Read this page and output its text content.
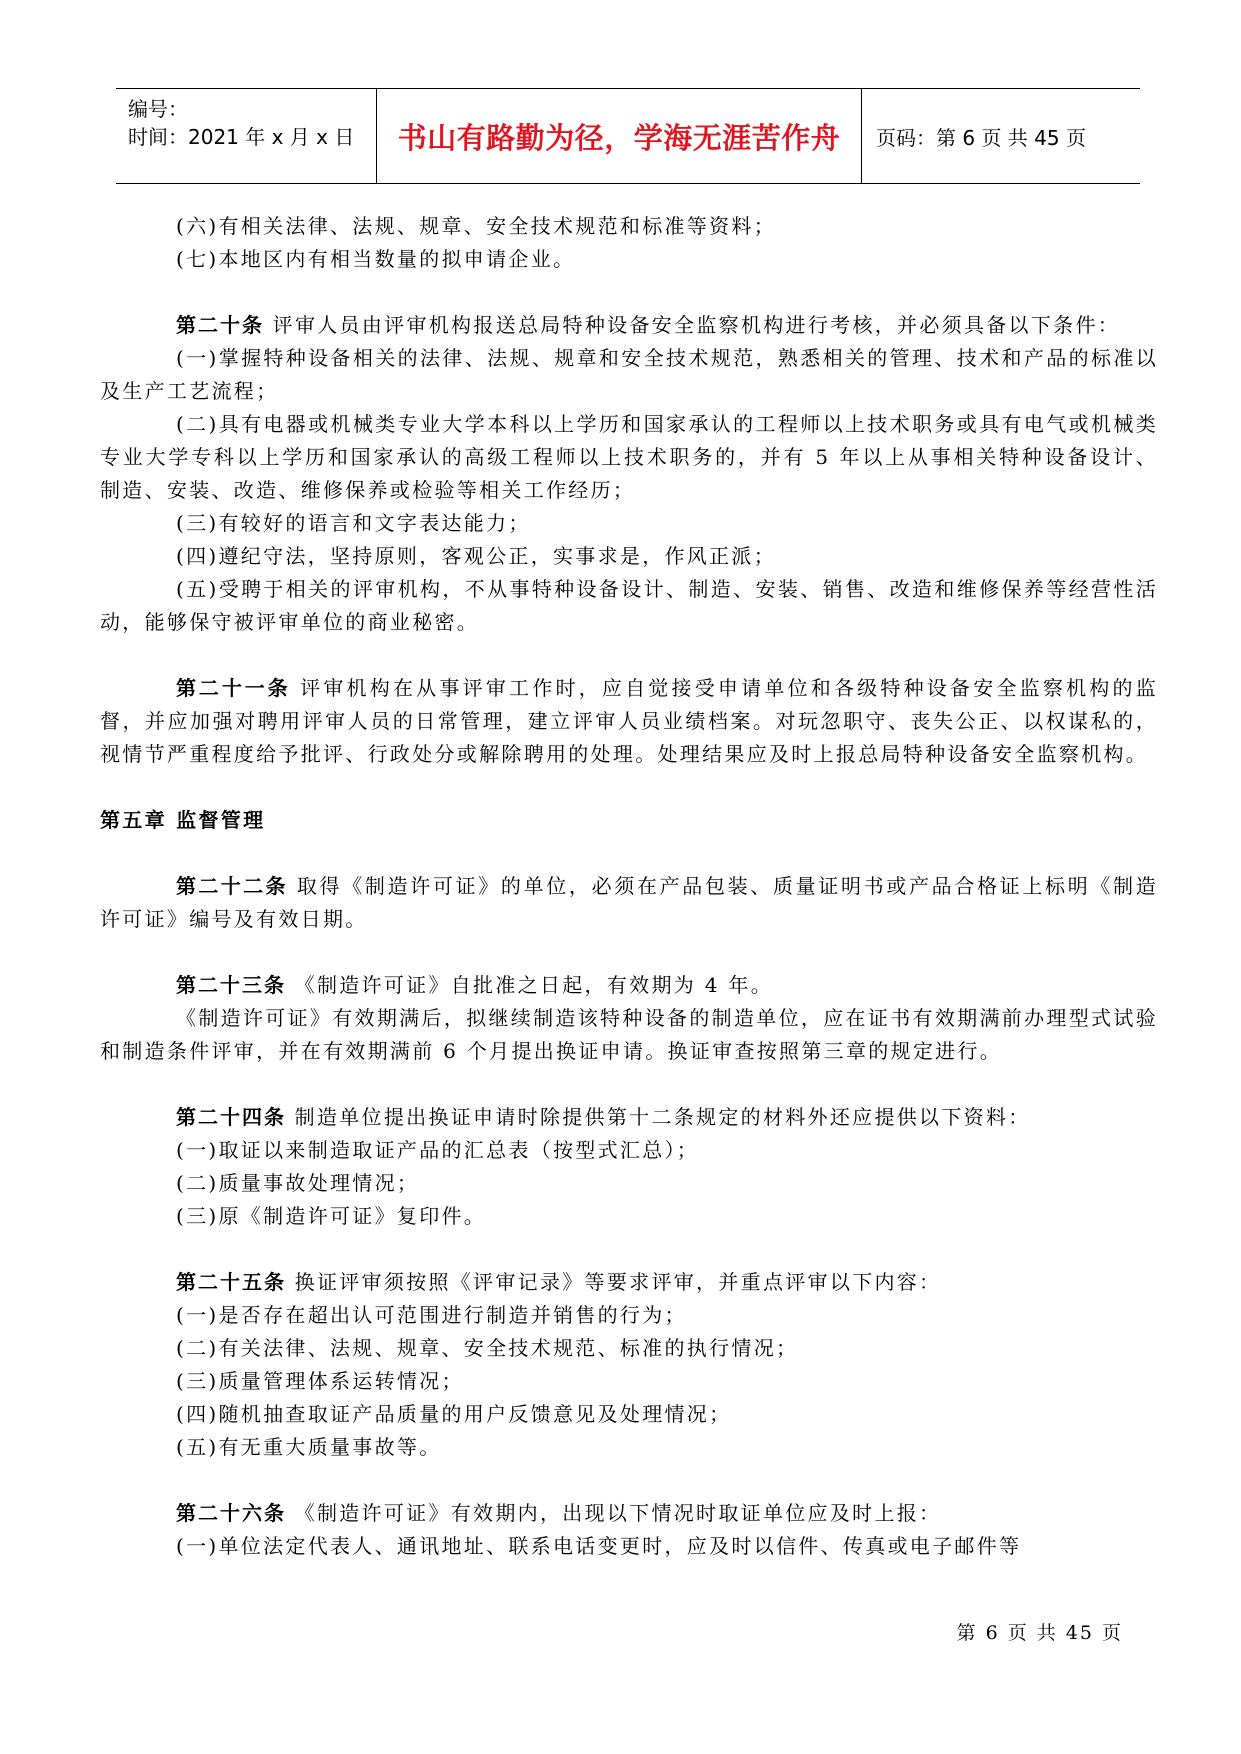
编号：
时间：2021 年 x 月 x 日 书山有路勤为径，学海无涯苦作舟 页码：第 6 页 共 45 页

(六)有相关法律、法规、规章、安全技术规范和标准等资料；

(七)本地区内有相当数量的拟申请企业。

第二十条 评审人员由评审机构报送总局特种设备安全监察机构进行考核，并必须具备以下条件：

(一)掌握特种设备相关的法律、法规、规章和安全技术规范，熟悉相关的管理、技术和产品的标准以及生产工艺流程；

(二)具有电器或机械类专业大学本科以上学历和国家承认的工程师以上技术职务或具有电气或机械类专业大学专科以上学历和国家承认的高级工程师以上技术职务的，并有 5 年以上从事相关特种设备设计、制造、安装、改造、维修保养或检验等相关工作经历；

(三)有较好的语言和文字表达能力；

(四)遵纪守法，坚持原则，客观公正，实事求是，作风正派；

(五)受聘于相关的评审机构，不从事特种设备设计、制造、安装、销售、改造和维修保养等经营性活动，能够保守被评审单位的商业秘密。

第二十一条 评审机构在从事评审工作时，应自觉接受申请单位和各级特种设备安全监察机构的监督，并应加强对聘用评审人员的日常管理，建立评审人员业绩档案。对玩忽职守、丧失公正、以权谋私的，视情节严重程度给予批评、行政处分或解除聘用的处理。处理结果应及时上报总局特种设备安全监察机构。

第五章 监督管理

第二十二条 取得《制造许可证》的单位，必须在产品包装、质量证明书或产品合格证上标明《制造许可证》编号及有效日期。

第二十三条 《制造许可证》自批准之日起，有效期为 4 年。

《制造许可证》有效期满后，拟继续制造该特种设备的制造单位，应在证书有效期满前办理型式试验和制造条件评审，并在有效期满前 6 个月提出换证申请。换证审查按照第三章的规定进行。

第二十四条 制造单位提出换证申请时除提供第十二条规定的材料外还应提供以下资料：

(一)取证以来制造取证产品的汇总表（按型式汇总）；

(二)质量事故处理情况；

(三)原《制造许可证》复印件。

第二十五条 换证评审须按照《评审记录》等要求评审，并重点评审以下内容：

(一)是否存在超出认可范围进行制造并销售的行为；

(二)有关法律、法规、规章、安全技术规范、标准的执行情况；

(三)质量管理体系运转情况；

(四)随机抽查取证产品质量的用户反馈意见及处理情况；

(五)有无重大质量事故等。

第二十六条 《制造许可证》有效期内，出现以下情况时取证单位应及时上报：

(一)单位法定代表人、通讯地址、联系电话变更时，应及时以信件、传真或电子邮件等

第 6 页 共 45 页
